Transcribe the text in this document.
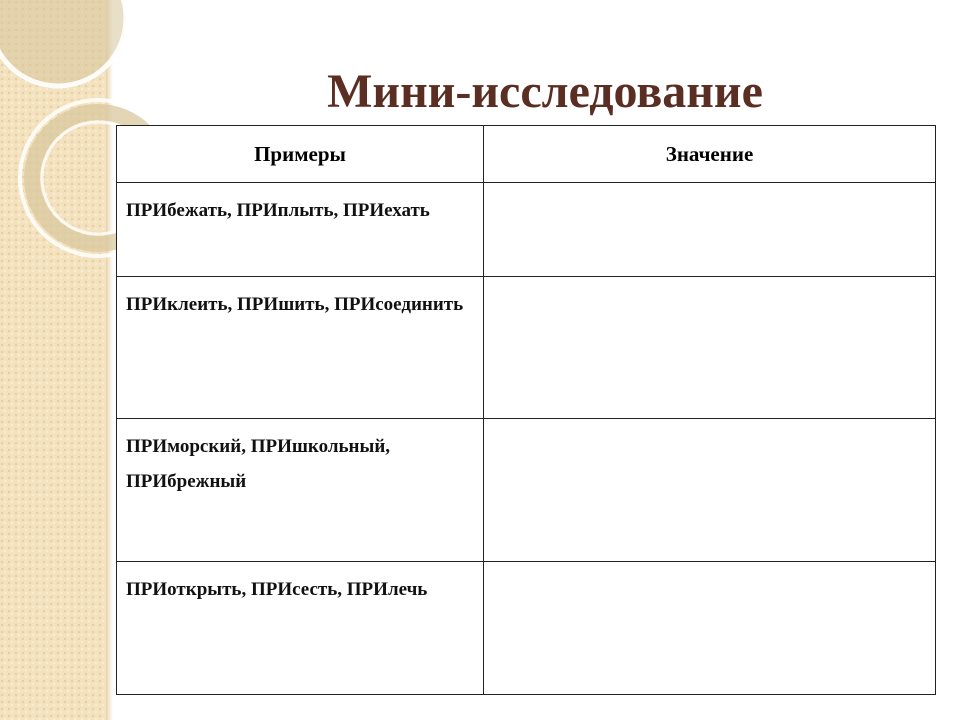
Мини-исследование
Примеры	Значение

ПРИбежать, ПРИплыть, ПРИехать	

ПРИклеить, ПРИшить, ПРИсоединить	

ПРИморский, ПРИшкольный, ПРИбрежный	

ПРИоткрыть, ПРИсесть, ПРИлечь	
